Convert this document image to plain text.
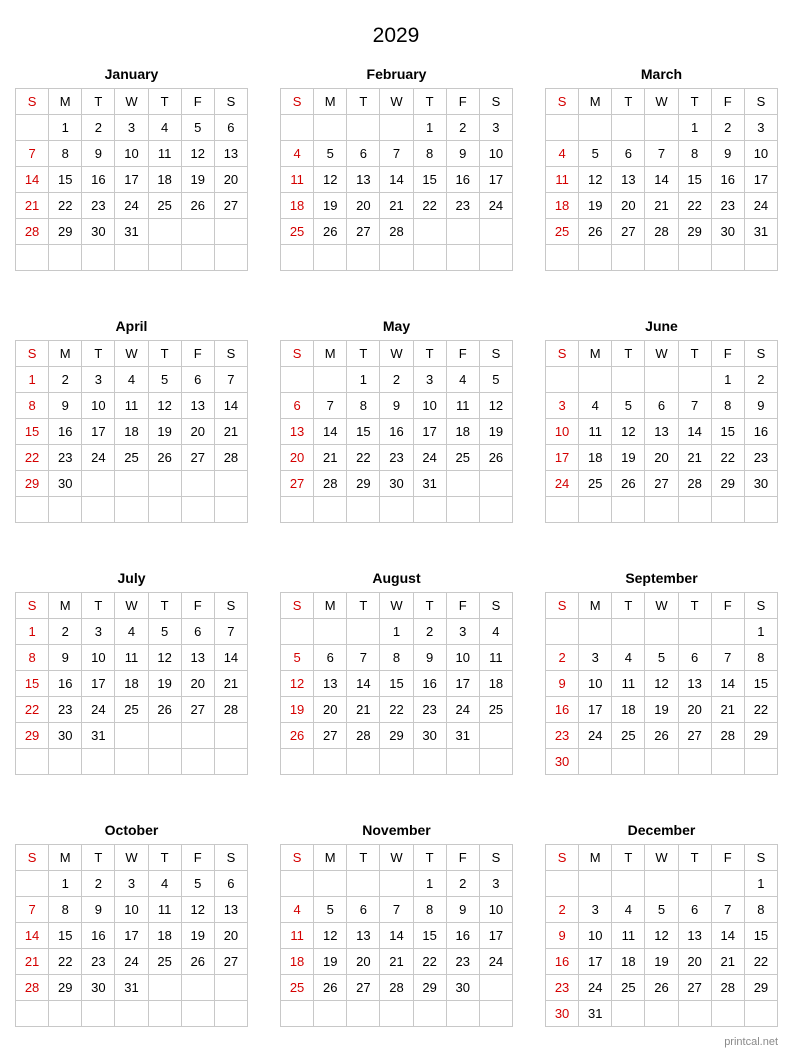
2029
January
S	M	T	W	T	F	S
	1	2	3	4	5	6
7	8	9	10	11	12	13
14	15	16	17	18	19	20
21	22	23	24	25	26	27
28	29	30	31			

February
S	M	T	W	T	F	S
				1	2	3
4	5	6	7	8	9	10
11	12	13	14	15	16	17
18	19	20	21	22	23	24
25	26	27	28			

March
S	M	T	W	T	F	S
				1	2	3
4	5	6	7	8	9	10
11	12	13	14	15	16	17
18	19	20	21	22	23	24
25	26	27	28	29	30	31

April
S	M	T	W	T	F	S
1	2	3	4	5	6	7
8	9	10	11	12	13	14
15	16	17	18	19	20	21
22	23	24	25	26	27	28
29	30					

May
S	M	T	W	T	F	S
		1	2	3	4	5
6	7	8	9	10	11	12
13	14	15	16	17	18	19
20	21	22	23	24	25	26
27	28	29	30	31		

June
S	M	T	W	T	F	S
					1	2
3	4	5	6	7	8	9
10	11	12	13	14	15	16
17	18	19	20	21	22	23
24	25	26	27	28	29	30

July
S	M	T	W	T	F	S
1	2	3	4	5	6	7
8	9	10	11	12	13	14
15	16	17	18	19	20	21
22	23	24	25	26	27	28
29	30	31				

August
S	M	T	W	T	F	S
			1	2	3	4
5	6	7	8	9	10	11
12	13	14	15	16	17	18
19	20	21	22	23	24	25
26	27	28	29	30	31	

September
S	M	T	W	T	F	S
						1
2	3	4	5	6	7	8
9	10	11	12	13	14	15
16	17	18	19	20	21	22
23	24	25	26	27	28	29
30						
October
S	M	T	W	T	F	S
	1	2	3	4	5	6
7	8	9	10	11	12	13
14	15	16	17	18	19	20
21	22	23	24	25	26	27
28	29	30	31			

November
S	M	T	W	T	F	S
				1	2	3
4	5	6	7	8	9	10
11	12	13	14	15	16	17
18	19	20	21	22	23	24
25	26	27	28	29	30	

December
S	M	T	W	T	F	S
						1
2	3	4	5	6	7	8
9	10	11	12	13	14	15
16	17	18	19	20	21	22
23	24	25	26	27	28	29
30	31					
printcal.net
